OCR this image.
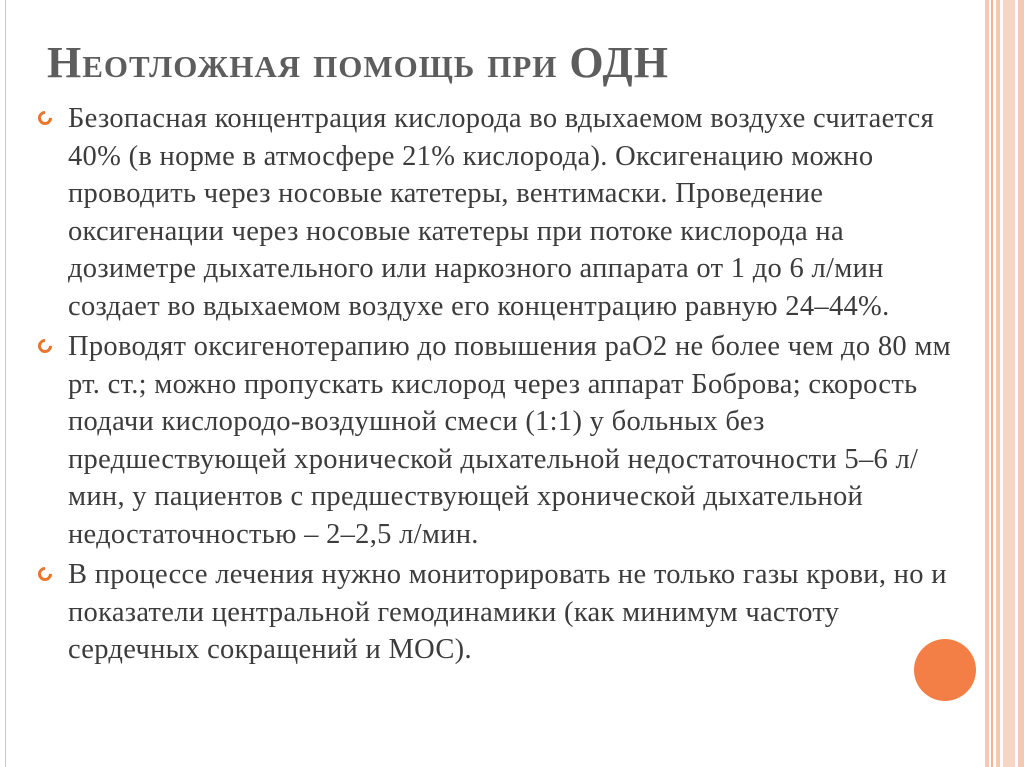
Неотложная помощь при ОДН
Безопасная концентрация кислорода во вдыхаемом воздухе считается 40% (в норме в атмосфере 21% кислорода). Оксигенацию можно проводить через носовые катетеры, вентимаски. Проведение оксигенации через носовые катетеры при потоке кислорода на дозиметре дыхательного или наркозного аппарата от 1 до 6 л/мин создает во вдыхаемом воздухе его концентрацию равную 24–44%.
Проводят оксигенотерапию до повышения раО2 не более чем до 80 мм рт. ст.; можно пропускать кислород через аппарат Боброва; скорость подачи кислородо-воздушной смеси (1:1) у больных без предшествующей хронической дыхательной недостаточности 5–6 л/мин, у пациентов с предшествующей хронической дыхательной недостаточностью – 2–2,5 л/мин.
В процессе лечения нужно мониторировать не только газы крови, но и показатели центральной гемодинамики (как минимум частоту сердечных сокращений и МОС).
